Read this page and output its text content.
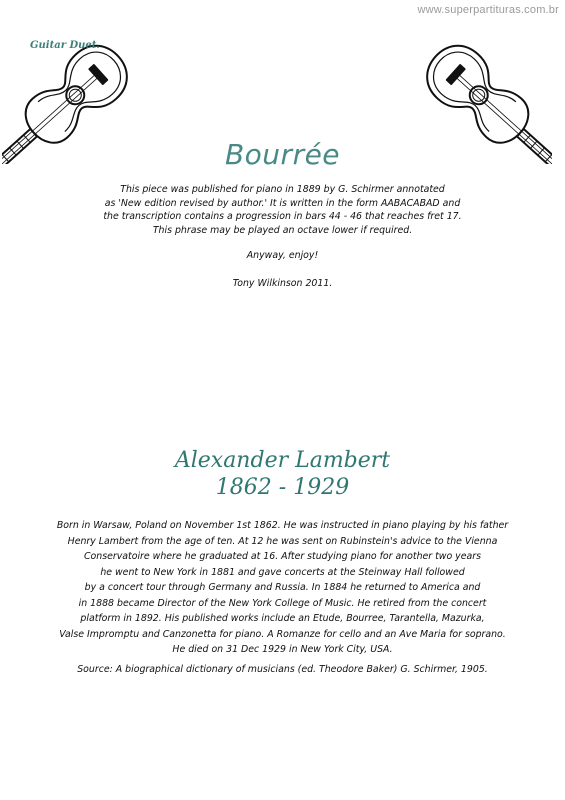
www.superpartituras.com.br
Guitar Duet.
Bourrée

This piece was published for piano in 1889 by G. Schirmer annotated

as 'New edition revised by author.' It is written in the form AABACABAD and

the transcription contains a progression in bars 44 - 46 that reaches fret 17.

This phrase may be played an octave lower if required.

Anyway, enjoy!

Tony Wilkinson 2011.

Alexander Lambert
1862 - 1929

Born in Warsaw, Poland on November 1st 1862. He was instructed in piano playing by his father

Henry Lambert from the age of ten. At 12 he was sent on Rubinstein's advice to the Vienna

Conservatoire where he graduated at 16. After studying piano for another two years

he went to New York in 1881 and gave concerts at the Steinway Hall followed

by a concert tour through Germany and Russia. In 1884 he returned to America and

in 1888 became Director of the New York College of Music. He retired from the concert

platform in 1892. His published works include an Etude, Bourree, Tarantella, Mazurka,

Valse Impromptu and Canzonetta for piano. A Romanze for cello and an Ave Maria for soprano.

He died on 31 Dec 1929 in New York City, USA.

Source: A biographical dictionary of musicians (ed. Theodore Baker) G. Schirmer, 1905.
